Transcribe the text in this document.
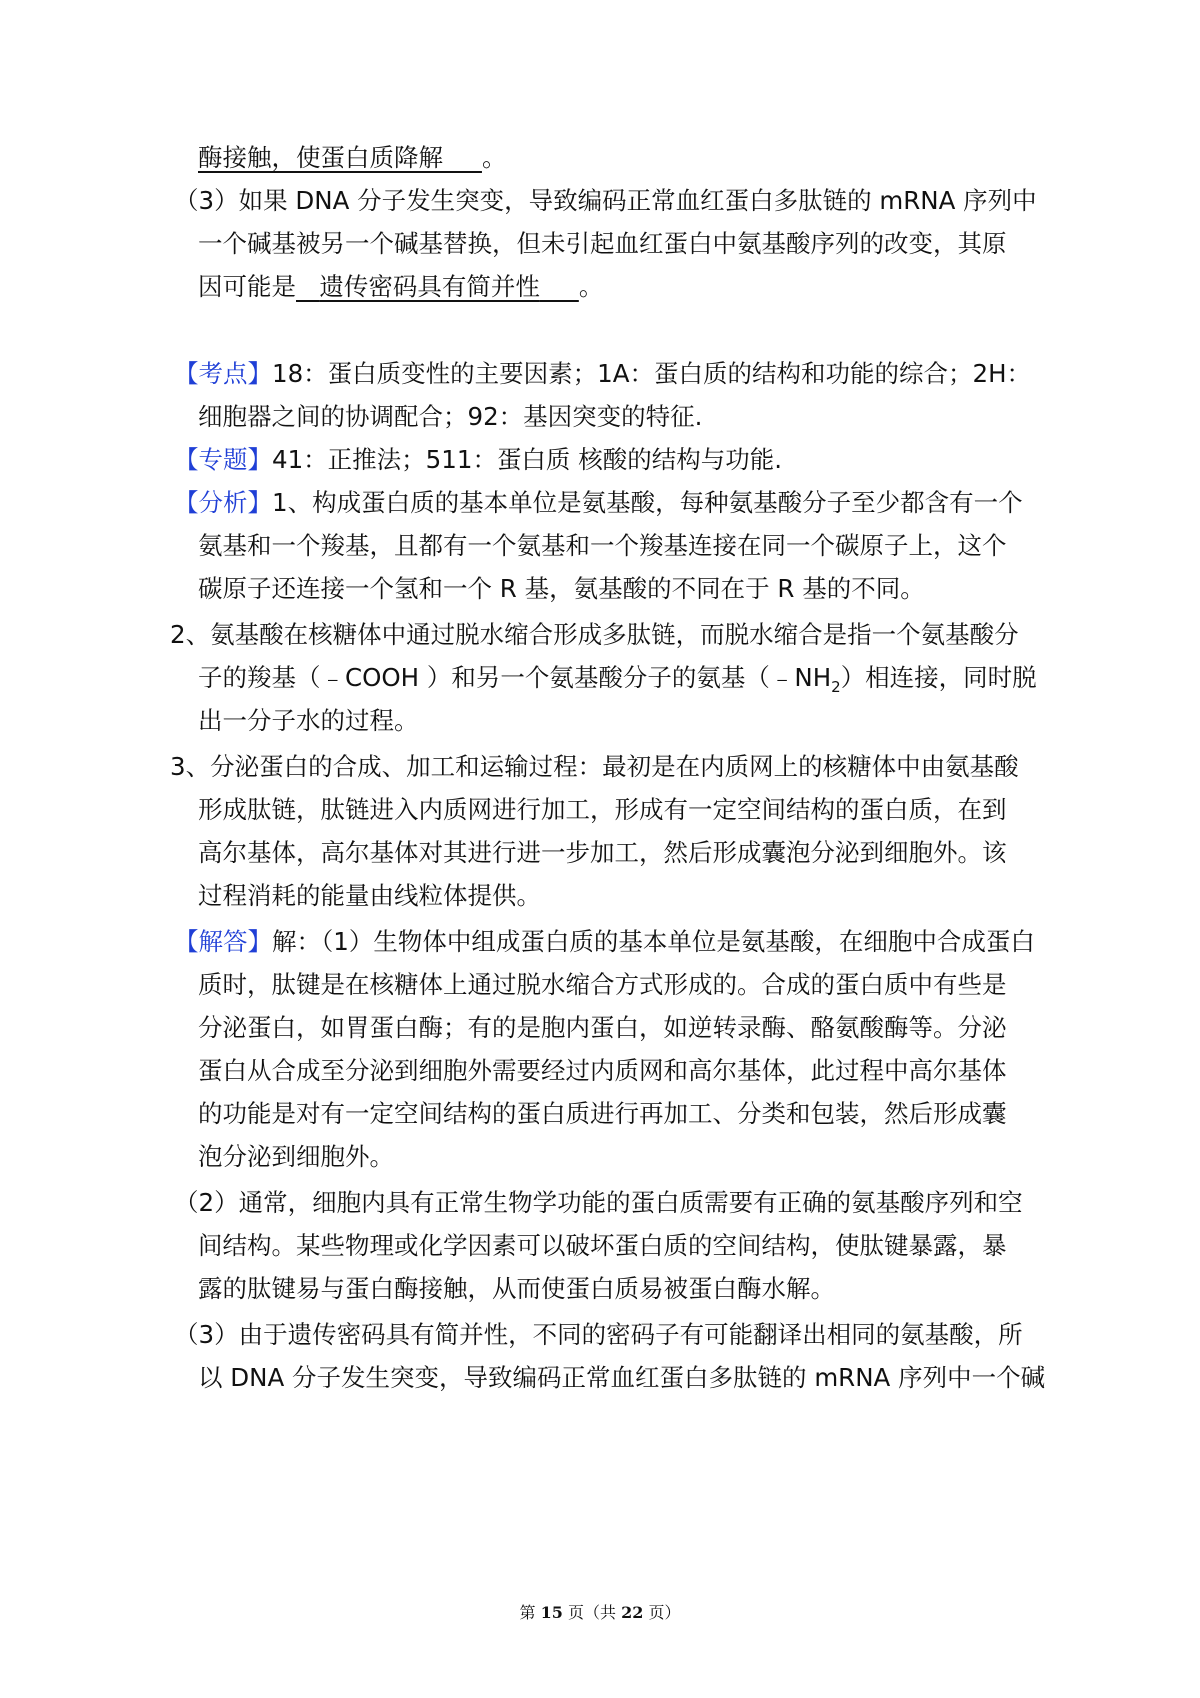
酶接触，使蛋白质降解 。
（3）如果 DNA 分子发生突变，导致编码正常血红蛋白多肽链的 mRNA 序列中
一个碱基被另一个碱基替换，但未引起血红蛋白中氨基酸序列的改变，其原
因可能是 遗传密码具有简并性 。
【考点】18：蛋白质变性的主要因素；1A：蛋白质的结构和功能的综合；2H：
细胞器之间的协调配合；92：基因突变的特征.
【专题】41：正推法；511：蛋白质 核酸的结构与功能.
【分析】1、构成蛋白质的基本单位是氨基酸，每种氨基酸分子至少都含有一个
氨基和一个羧基，且都有一个氨基和一个羧基连接在同一个碳原子上，这个
碳原子还连接一个氢和一个 R 基，氨基酸的不同在于 R 基的不同。
2、氨基酸在核糖体中通过脱水缩合形成多肽链，而脱水缩合是指一个氨基酸分
子的羧基（﹣COOH ）和另一个氨基酸分子的氨基$(﹣NH_2)$相连接，同时脱
出一分子水的过程。
3、分泌蛋白的合成、加工和运输过程：最初是在内质网上的核糖体中由氨基酸
形成肽链，肽链进入内质网进行加工，形成有一定空间结构的蛋白质，在到
高尔基体，高尔基体对其进行进一步加工，然后形成囊泡分泌到细胞外。该
过程消耗的能量由线粒体提供。
【解答】解：（1）生物体中组成蛋白质的基本单位是氨基酸，在细胞中合成蛋白
质时，肽键是在核糖体上通过脱水缩合方式形成的。合成的蛋白质中有些是
分泌蛋白，如胃蛋白酶；有的是胞内蛋白，如逆转录酶、酪氨酸酶等。分泌
蛋白从合成至分泌到细胞外需要经过内质网和高尔基体，此过程中高尔基体
的功能是对有一定空间结构的蛋白质进行再加工、分类和包装，然后形成囊
泡分泌到细胞外。
（2）通常，细胞内具有正常生物学功能的蛋白质需要有正确的氨基酸序列和空
间结构。某些物理或化学因素可以破坏蛋白质的空间结构，使肽键暴露，暴
露的肽键易与蛋白酶接触，从而使蛋白质易被蛋白酶水解。
（3）由于遗传密码具有简并性，不同的密码子有可能翻译出相同的氨基酸，所
以 DNA 分子发生突变，导致编码正常血红蛋白多肽链的 mRNA 序列中一个碱
第 15 页（共 22 页）
